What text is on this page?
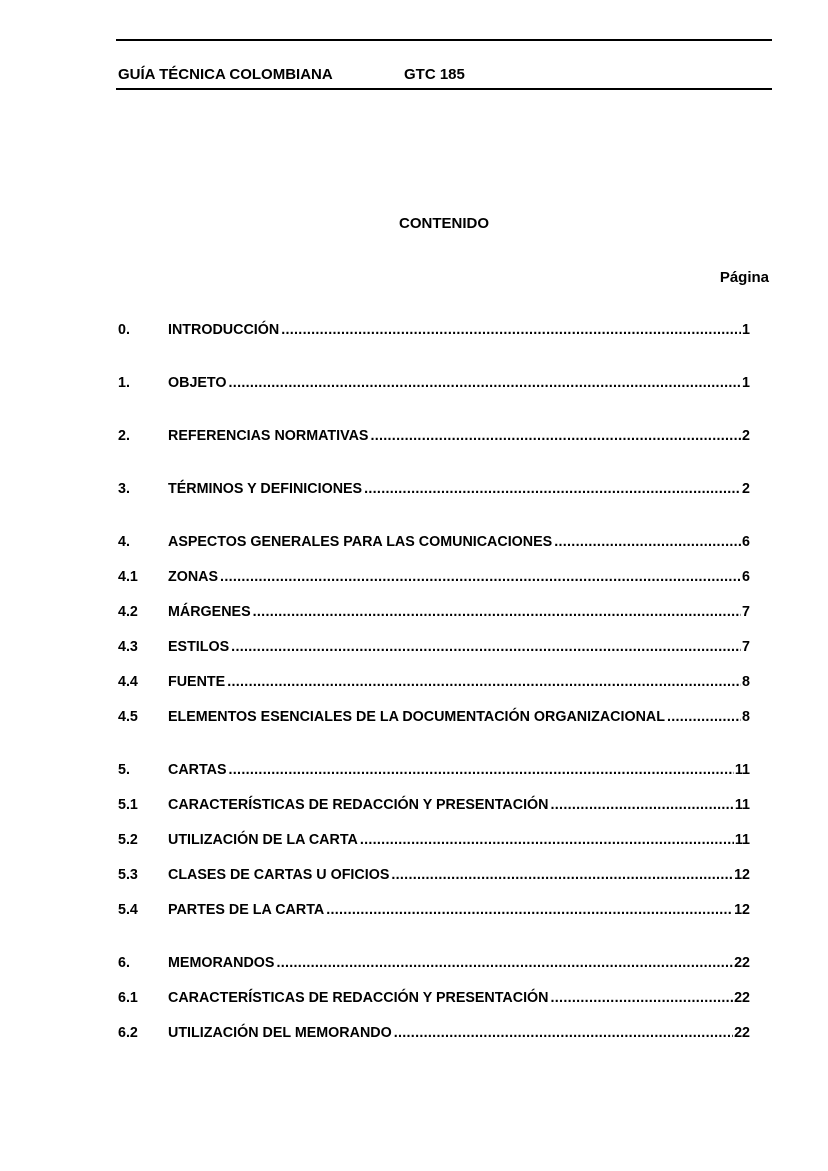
GUÍA TÉCNICA COLOMBIANA	GTC 185
CONTENIDO
Página
0.	INTRODUCCIÓN .....	1
1.	OBJETO .....	1
2.	REFERENCIAS NORMATIVAS .....	2
3.	TÉRMINOS Y DEFINICIONES .....	2
4.	ASPECTOS GENERALES PARA LAS COMUNICACIONES .....	6
4.1	ZONAS .....	6
4.2	MÁRGENES .....	7
4.3	ESTILOS .....	7
4.4	FUENTE .....	8
4.5	ELEMENTOS ESENCIALES DE LA DOCUMENTACIÓN ORGANIZACIONAL .....	8
5.	CARTAS .....	11
5.1	CARACTERÍSTICAS DE REDACCIÓN Y PRESENTACIÓN .....	11
5.2	UTILIZACIÓN DE LA CARTA .....	11
5.3	CLASES DE CARTAS U OFICIOS .....	12
5.4	PARTES DE LA CARTA .....	12
6.	MEMORANDOS .....	22
6.1	CARACTERÍSTICAS DE REDACCIÓN Y PRESENTACIÓN .....	22
6.2	UTILIZACIÓN DEL MEMORANDO .....	22
